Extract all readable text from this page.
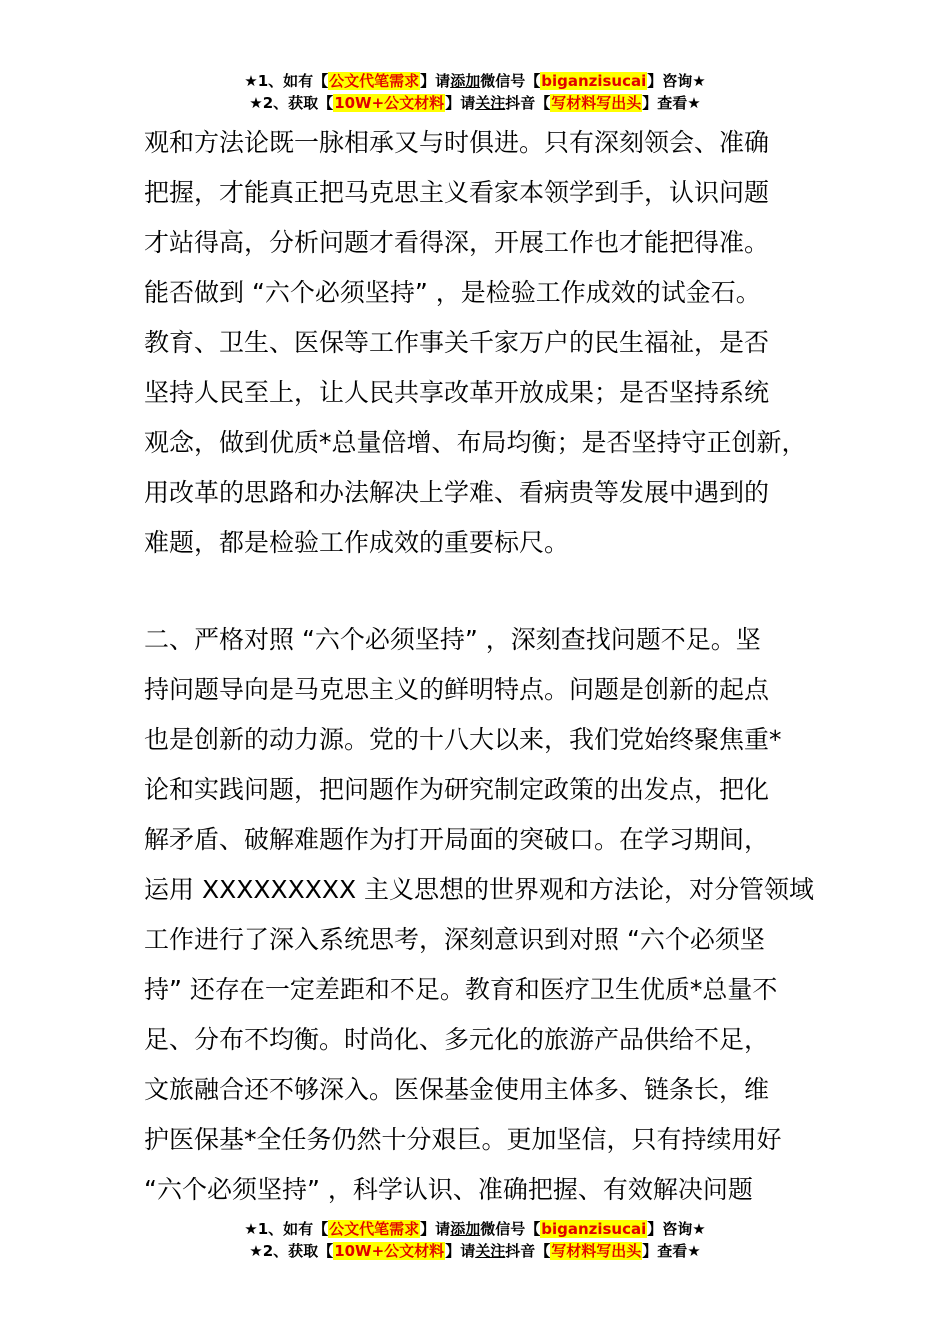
★1、如有【公文代笔需求】请添加微信号【biganzisucai】咨询★
★2、获取【10W+公文材料】请关注抖音【写材料写出头】查看★
观和方法论既一脉相承又与时俱进。只有深刻领会、准确
把握，才能真正把马克思主义看家本领学到手，认识问题
才站得高，分析问题才看得深，开展工作也才能把得准。
能否做到 “六个必须坚持” ，是检验工作成效的试金石。
教育、卫生、医保等工作事关千家万户的民生福祉，是否
坚持人民至上，让人民共享改革开放成果；是否坚持系统
观念，做到优质*总量倍增、布局均衡；是否坚持守正创新，
用改革的思路和办法解决上学难、看病贵等发展中遇到的
难题，都是检验工作成效的重要标尺。
二、严格对照 “六个必须坚持” ，深刻查找问题不足。坚
持问题导向是马克思主义的鲜明特点。问题是创新的起点
也是创新的动力源。党的十八大以来，我们党始终聚焦重*
论和实践问题，把问题作为研究制定政策的出发点，把化
解矛盾、破解难题作为打开局面的突破口。在学习期间，
运用 XXXXXXXXX 主义思想的世界观和方法论，对分管领域
工作进行了深入系统思考，深刻意识到对照 “六个必须坚
持” 还存在一定差距和不足。教育和医疗卫生优质*总量不
足、分布不均衡。时尚化、多元化的旅游产品供给不足，
文旅融合还不够深入。医保基金使用主体多、链条长，维
护医保基*全任务仍然十分艰巨。更加坚信，只有持续用好
“六个必须坚持” ，科学认识、准确把握、有效解决问题
★1、如有【公文代笔需求】请添加微信号【biganzisucai】咨询★
★2、获取【10W+公文材料】请关注抖音【写材料写出头】查看★
